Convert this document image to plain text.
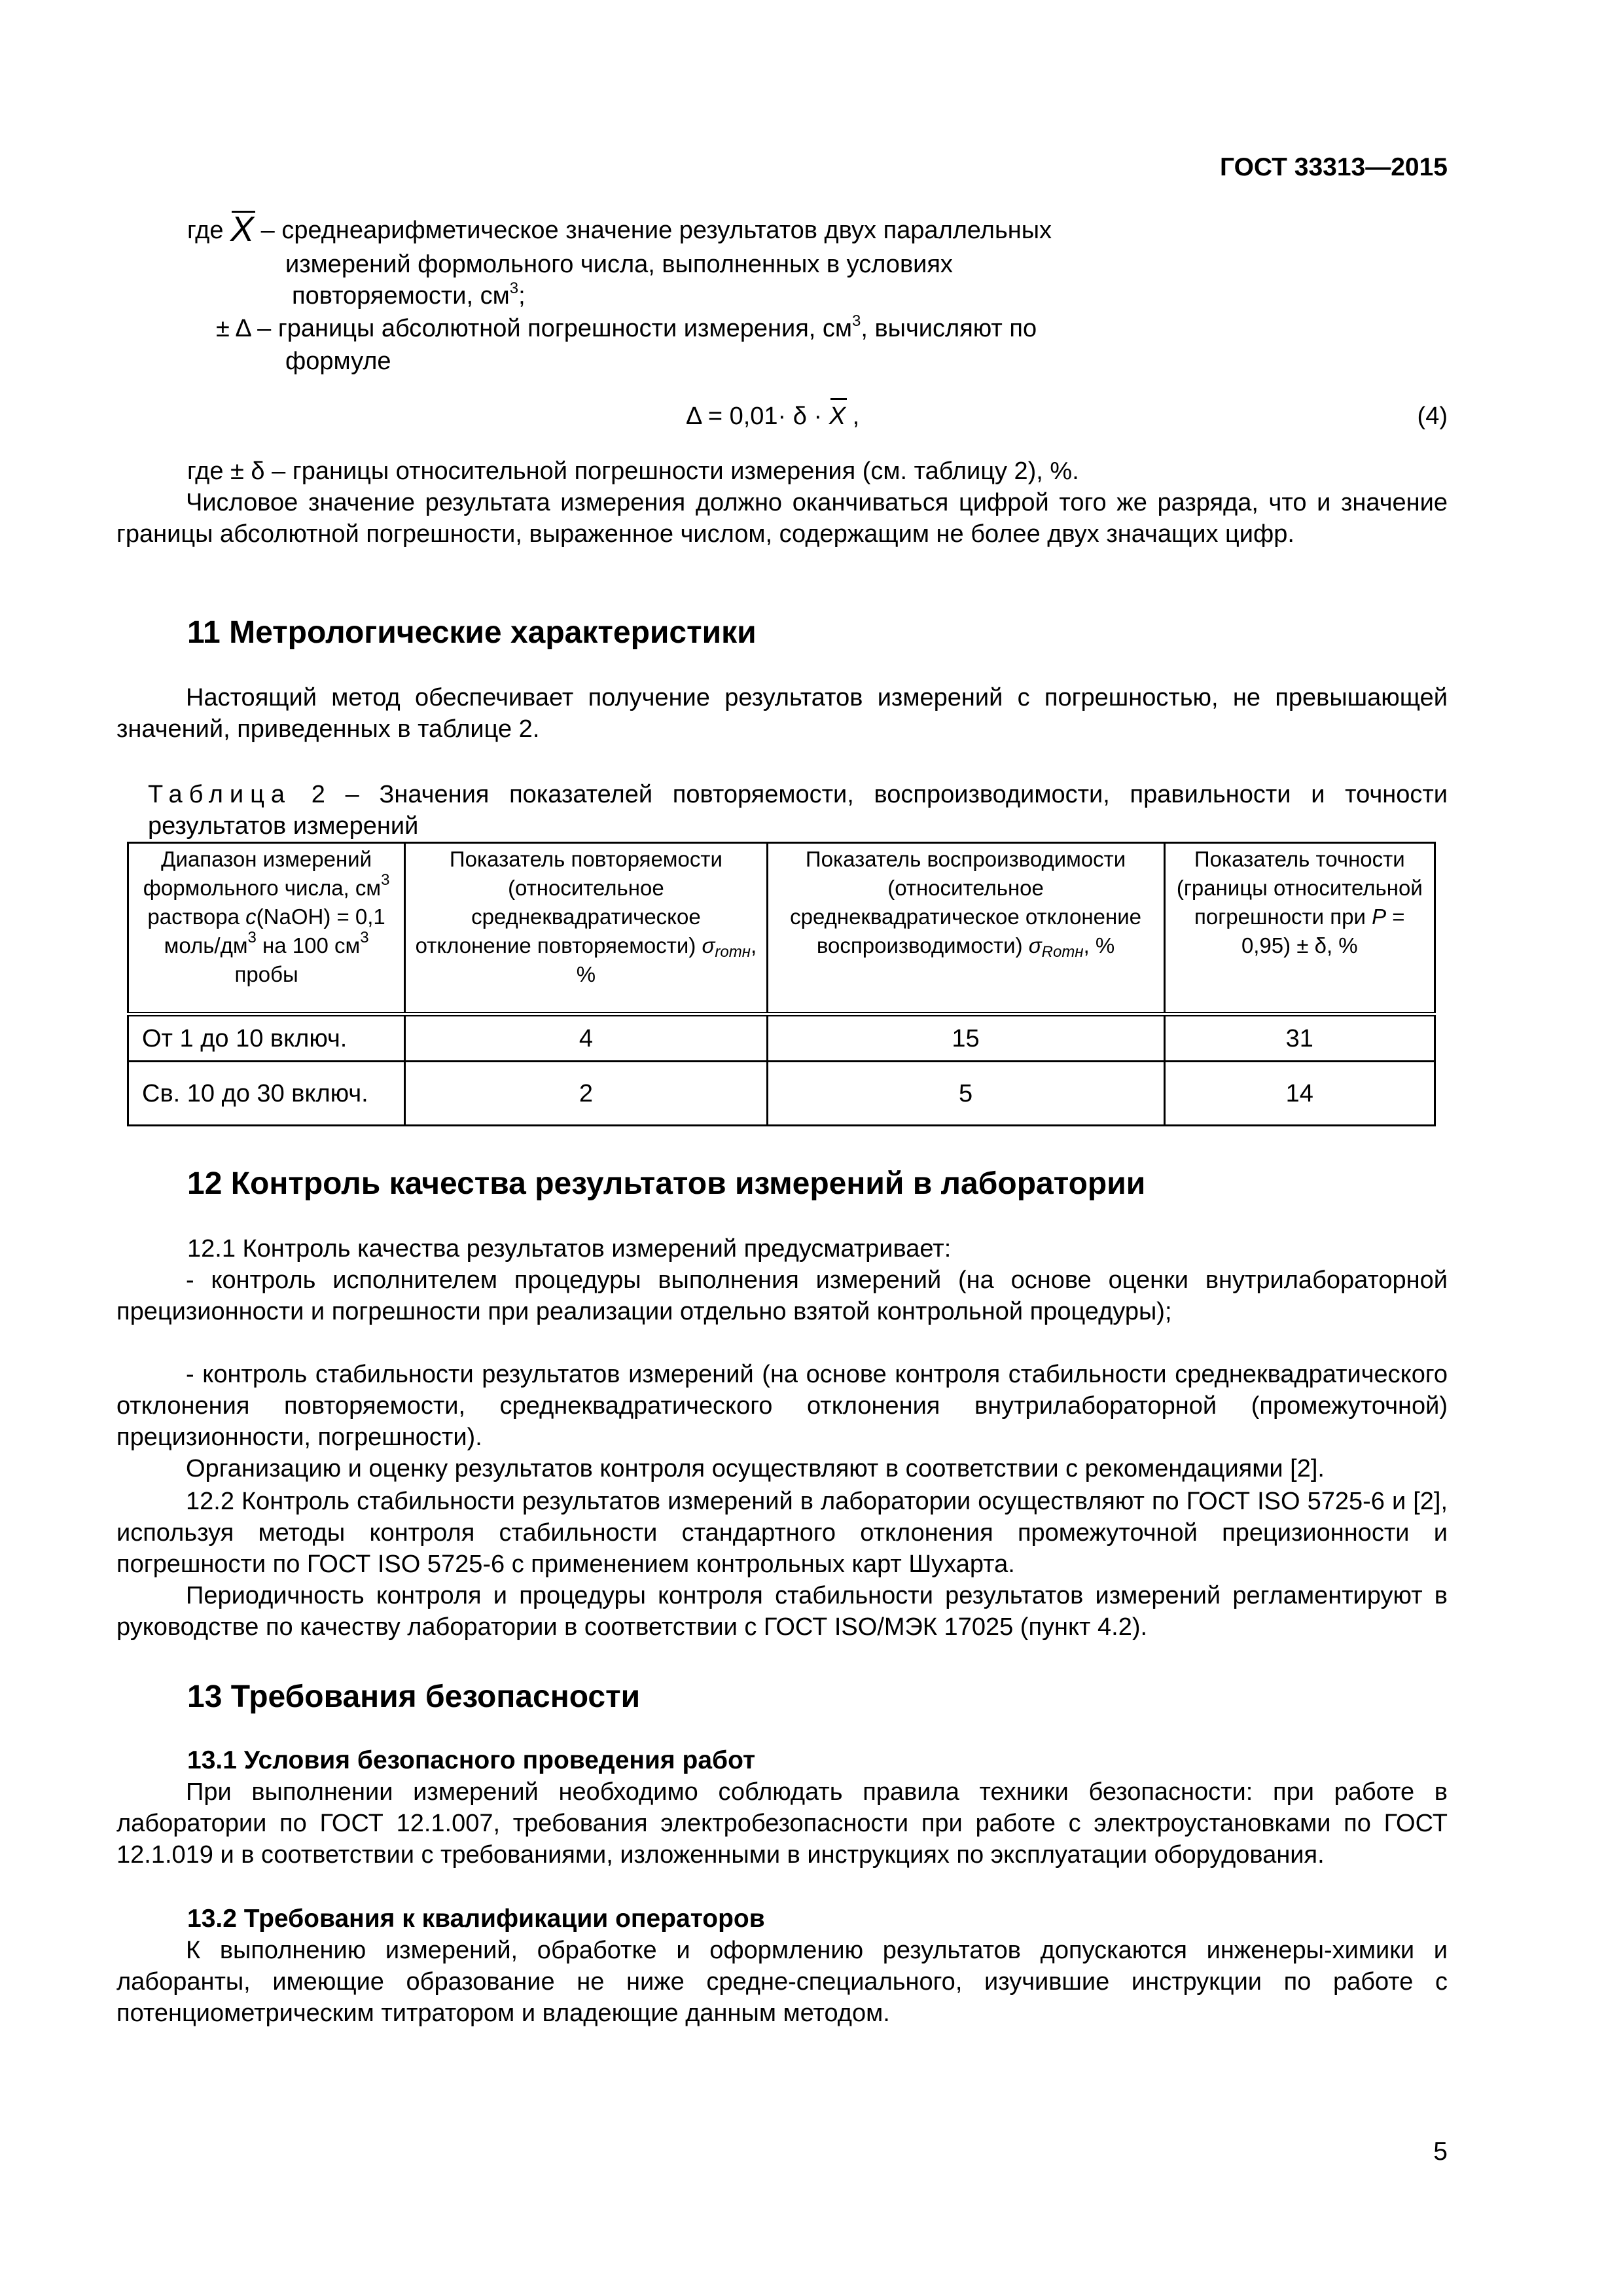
ГОСТ 33313—2015
где X – среднеарифметическое значение результатов двух параллельных
измерений формольного числа, выполненных в условиях
повторяемости, $см^3$;
± Δ – границы абсолютной погрешности измерения, $см^3$, вычисляют по
формуле
Δ = 0,01· δ · X ,	(4)
где ± δ – границы относительной погрешности измерения (см. таблицу 2), %.
Числовое значение результата измерения должно оканчиваться цифрой того же разряда, что и значение границы абсолютной погрешности, выраженное числом, содержащим не более двух значащих цифр.
11 Метрологические характеристики
Настоящий метод обеспечивает получение результатов измерений с погрешностью, не превышающей значений, приведенных в таблице 2.
Таблица 2 – Значения показателей повторяемости, воспроизводимости, правильности и точности результатов измерений
Диапазон измерений формольного числа, $см^3$ раствора c(NaOH) = 0,1 моль/$дм^3$ на 100 $см^3$ пробы	Показатель повторяемости (относительное среднеквадратическое отклонение повторяемости) $\sigma_{rотн}$, %	Показатель воспроизводимости (относительное среднеквадратическое отклонение воспроизводимости) $\sigma_{Rотн}$, %	Показатель точности (границы относительной погрешности при P = 0,95) ± δ, %
От 1 до 10 включ.	4	15	31
Св. 10 до 30 включ.	2	5	14
12 Контроль качества результатов измерений в лаборатории
12.1 Контроль качества результатов измерений предусматривает:
- контроль исполнителем процедуры выполнения измерений (на основе оценки внутрилабораторной прецизионности и погрешности при реализации отдельно взятой контрольной процедуры);
- контроль стабильности результатов измерений (на основе контроля стабильности среднеквадратического отклонения повторяемости, среднеквадратического отклонения внутрилабораторной (промежуточной) прецизионности, погрешности).
Организацию и оценку результатов контроля осуществляют в соответствии с рекомендациями [2].
12.2 Контроль стабильности результатов измерений в лаборатории осуществляют по ГОСТ ISO 5725-6 и [2], используя методы контроля стабильности стандартного отклонения промежуточной прецизионности и погрешности по ГОСТ ISO 5725-6 с применением контрольных карт Шухарта.
Периодичность контроля и процедуры контроля стабильности результатов измерений регламентируют в руководстве по качеству лаборатории в соответствии с ГОСТ ISO/МЭК 17025 (пункт 4.2).
13 Требования безопасности
13.1 Условия безопасного проведения работ
При выполнении измерений необходимо соблюдать правила техники безопасности: при работе в лаборатории по ГОСТ 12.1.007, требования электробезопасности при работе с электроустановками по ГОСТ 12.1.019 и в соответствии с требованиями, изложенными в инструкциях по эксплуатации оборудования.
13.2 Требования к квалификации операторов
К выполнению измерений, обработке и оформлению результатов допускаются инженеры-химики и лаборанты, имеющие образование не ниже средне-специального, изучившие инструкции по работе с потенциометрическим титратором и владеющие данным методом.
5
